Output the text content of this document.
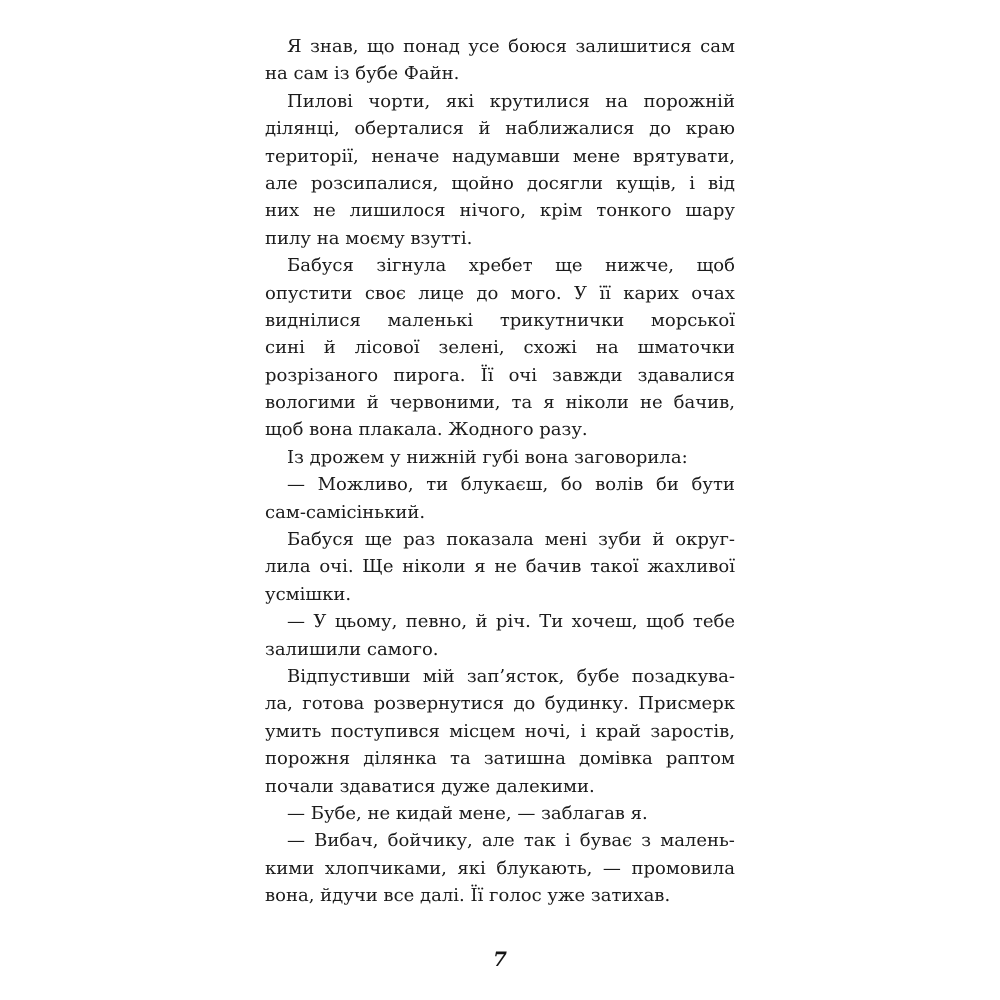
Я знав, що понад усе боюся залишитися сам
на сам із бубе Файн.
Пилові чорти, які крутилися на порожній
ділянці, оберталися й наближалися до краю
території, неначе надумавши мене врятувати,
але розсипалися, щойно досягли кущів, і від
них не лишилося нічого, крім тонкого шару
пилу на моєму взутті.
Бабуся зігнула хребет ще нижче, щоб
опустити своє лице до мого. У її карих очах
виднілися маленькі трикутнички морської
сині й лісової зелені, схожі на шматочки
розрізаного пирога. Її очі завжди здавалися
вологими й червоними, та я ніколи не бачив,
щоб вона плакала. Жодного разу.
Із дрожем у нижній губі вона заговорила:
— Можливо, ти блукаєш, бо волів би бути
сам-самісінький.
Бабуся ще раз показала мені зуби й округ-
лила очі. Ще ніколи я не бачив такої жахливої
усмішки.
— У цьому, певно, й річ. Ти хочеш, щоб тебе
залишили самого.
Відпустивши мій зап’ясток, бубе позадкува-
ла, готова розвернутися до будинку. Присмерк
умить поступився місцем ночі, і край заростів,
порожня ділянка та затишна домівка раптом
почали здаватися дуже далекими.
— Бубе, не кидай мене, — заблагав я.
— Вибач, бойчику, але так і буває з малень-
кими хлопчиками, які блукають, — промовила
вона, йдучи все далі. Її голос уже затихав.
7
